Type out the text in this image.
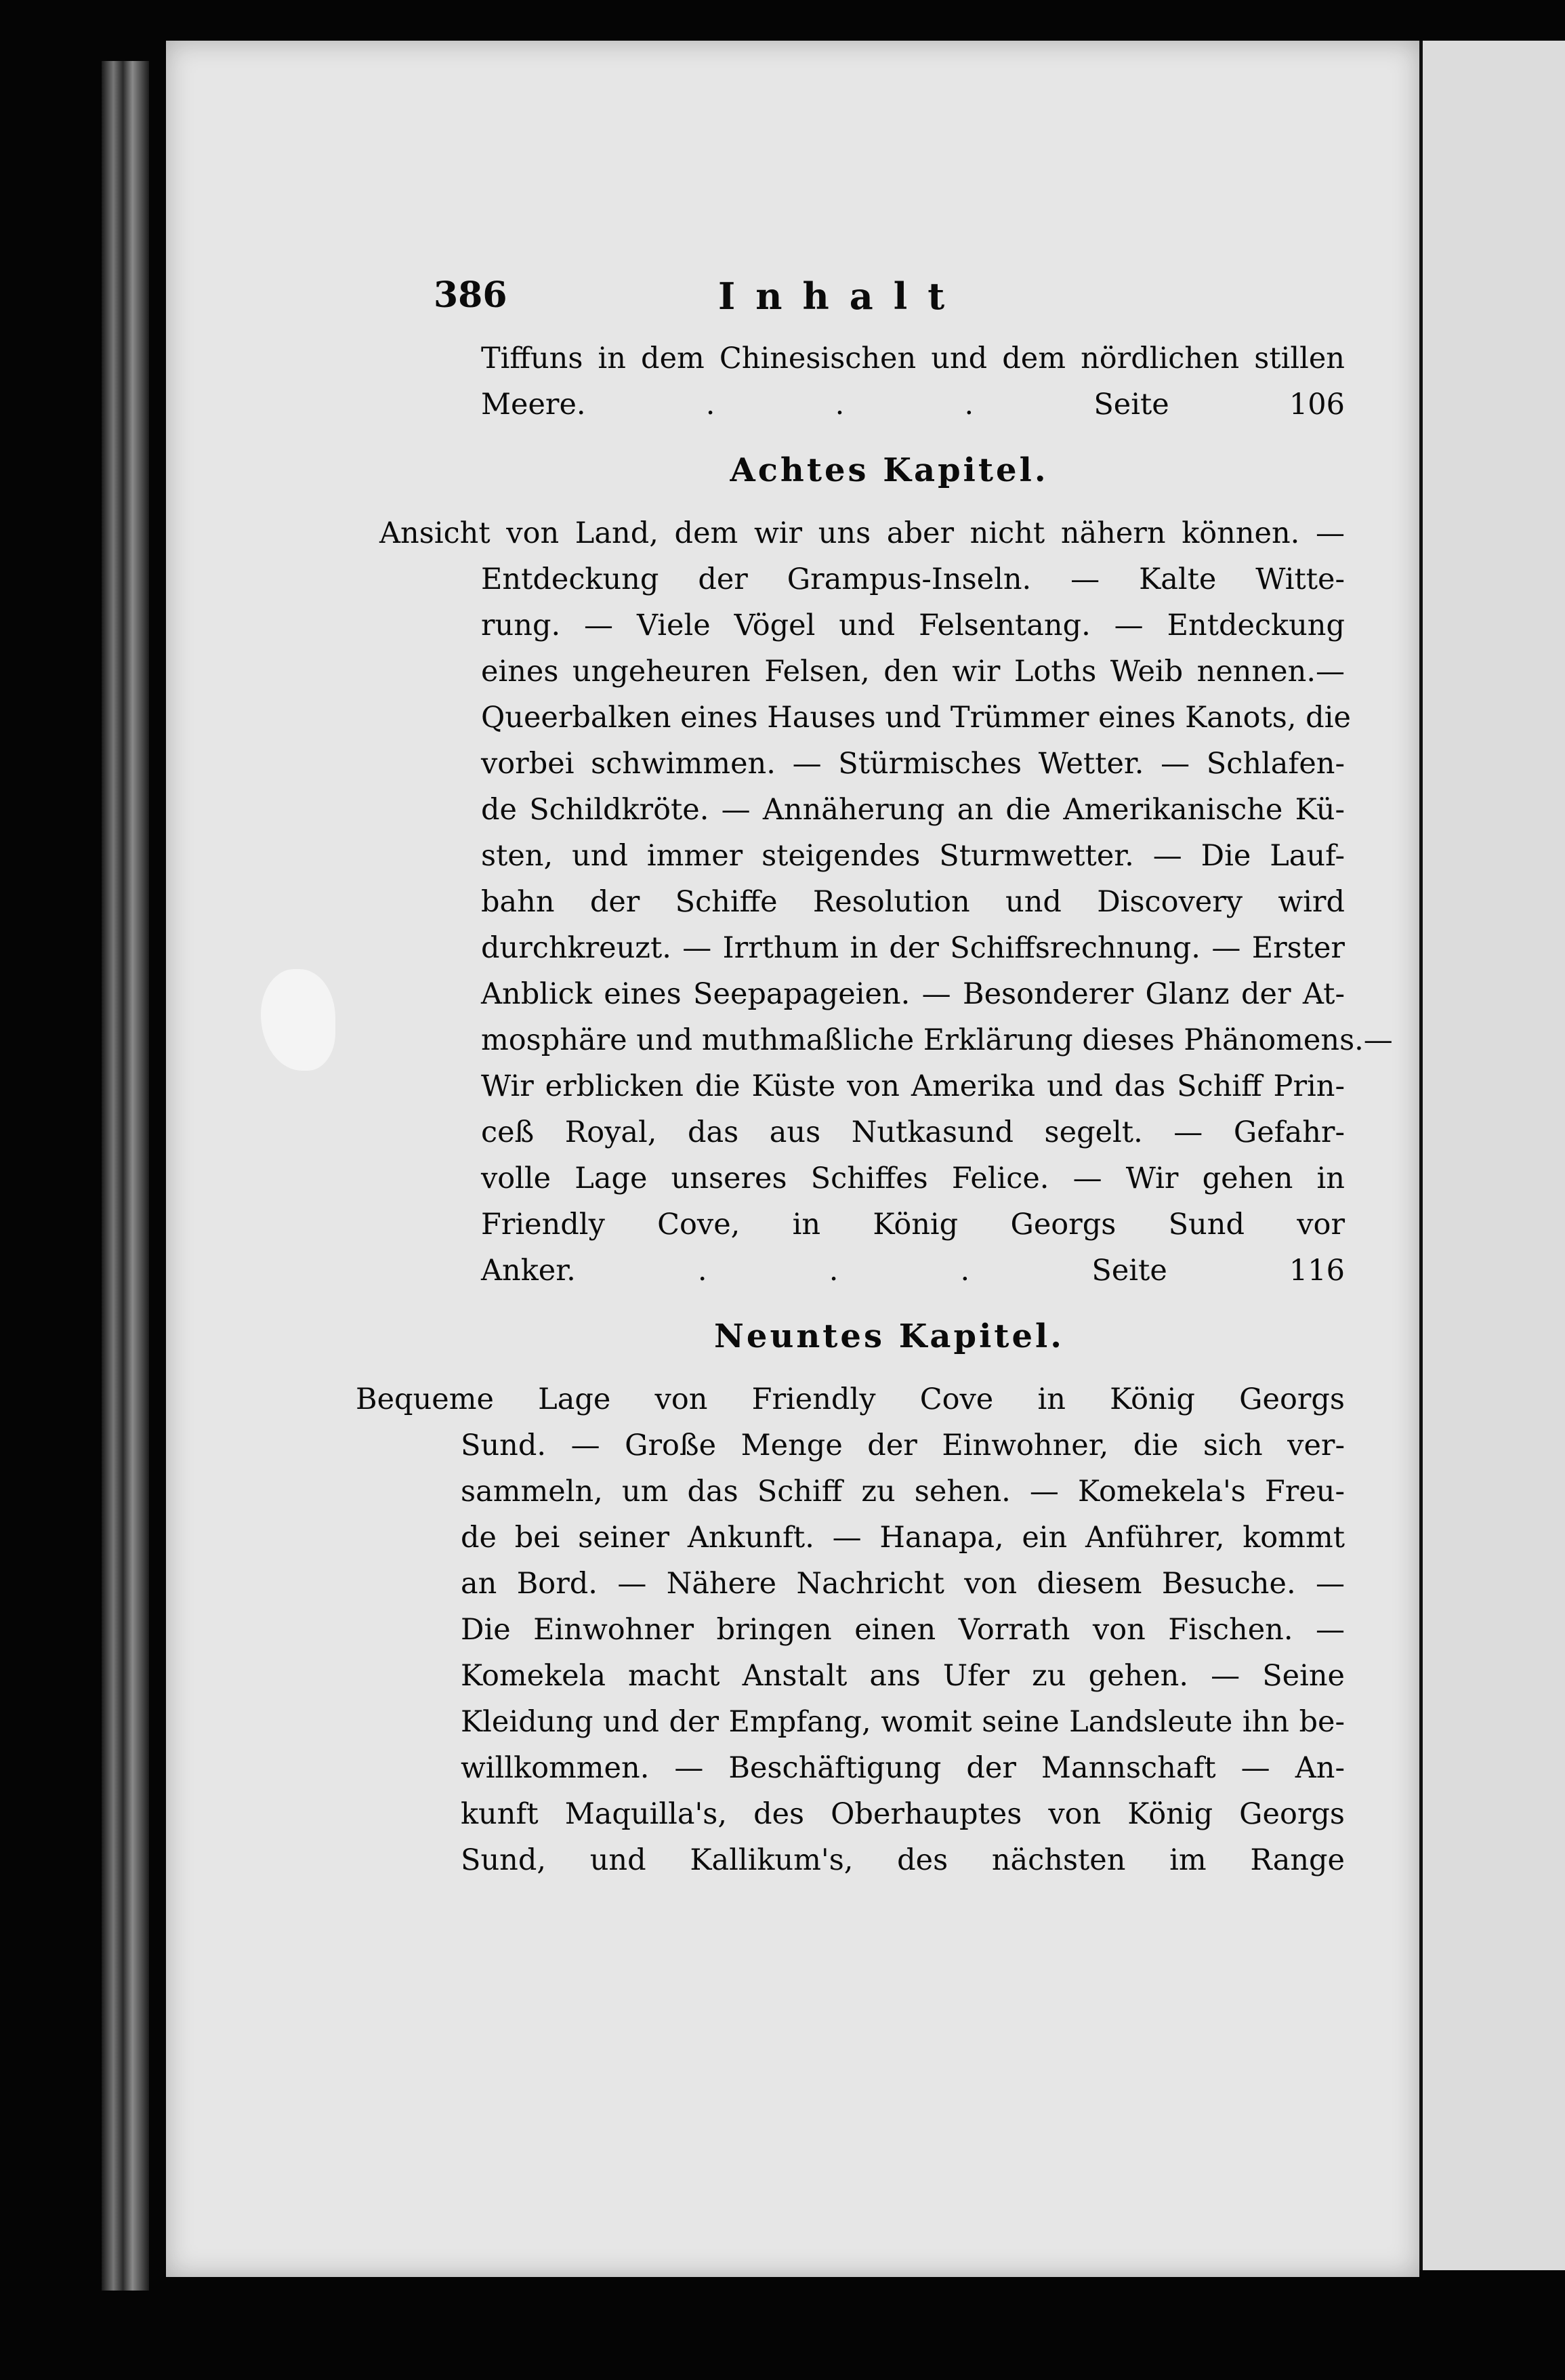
386	Inhalt
Tiffuns in dem Chinesischen und dem nördlichen stillen
Meere. . . . Seite 106
Achtes Kapitel.
Ansicht von Land, dem wir uns aber nicht nähern können. —
Entdeckung der Grampus-Inseln. — Kalte Witte-
rung. — Viele Vögel und Felsentang. — Entdeckung
eines ungeheuren Felsen, den wir Loths Weib nennen.—
Queerbalken eines Hauses und Trümmer eines Kanots, die
vorbei schwimmen. — Stürmisches Wetter. — Schlafen-
de Schildkröte. — Annäherung an die Amerikanische Kü-
sten, und immer steigendes Sturmwetter. — Die Lauf-
bahn der Schiffe Resolution und Discovery wird
durchkreuzt. — Irrthum in der Schiffsrechnung. — Erster
Anblick eines Seepapageien. — Besonderer Glanz der At-
mosphäre und muthmaßliche Erklärung dieses Phänomens.—
Wir erblicken die Küste von Amerika und das Schiff Prin-
ceß Royal, das aus Nutkasund segelt. — Gefahr-
volle Lage unseres Schiffes Felice. — Wir gehen in
Friendly Cove, in König Georgs Sund vor
Anker. . . . Seite 116
Neuntes Kapitel.
Bequeme Lage von Friendly Cove in König Georgs
Sund. — Große Menge der Einwohner, die sich ver-
sammeln, um das Schiff zu sehen. — Komekela's Freu-
de bei seiner Ankunft. — Hanapa, ein Anführer, kommt
an Bord. — Nähere Nachricht von diesem Besuche. —
Die Einwohner bringen einen Vorrath von Fischen. —
Komekela macht Anstalt ans Ufer zu gehen. — Seine
Kleidung und der Empfang, womit seine Landsleute ihn be-
willkommen. — Beschäftigung der Mannschaft — An-
kunft Maquilla's, des Oberhauptes von König Georgs
Sund, und Kallikum's, des nächsten im Range
